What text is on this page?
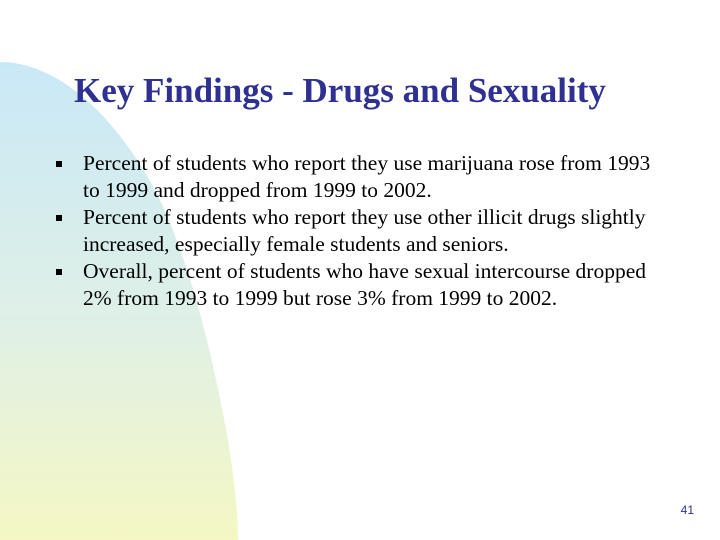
Key Findings - Drugs and Sexuality
Percent of students who report they use marijuana rose from 1993 to 1999 and dropped from 1999 to 2002.
Percent of students who report they use other illicit drugs slightly increased, especially female students and seniors.
Overall, percent of students who have sexual intercourse dropped 2% from 1993 to 1999 but rose 3% from 1999 to 2002.
41
